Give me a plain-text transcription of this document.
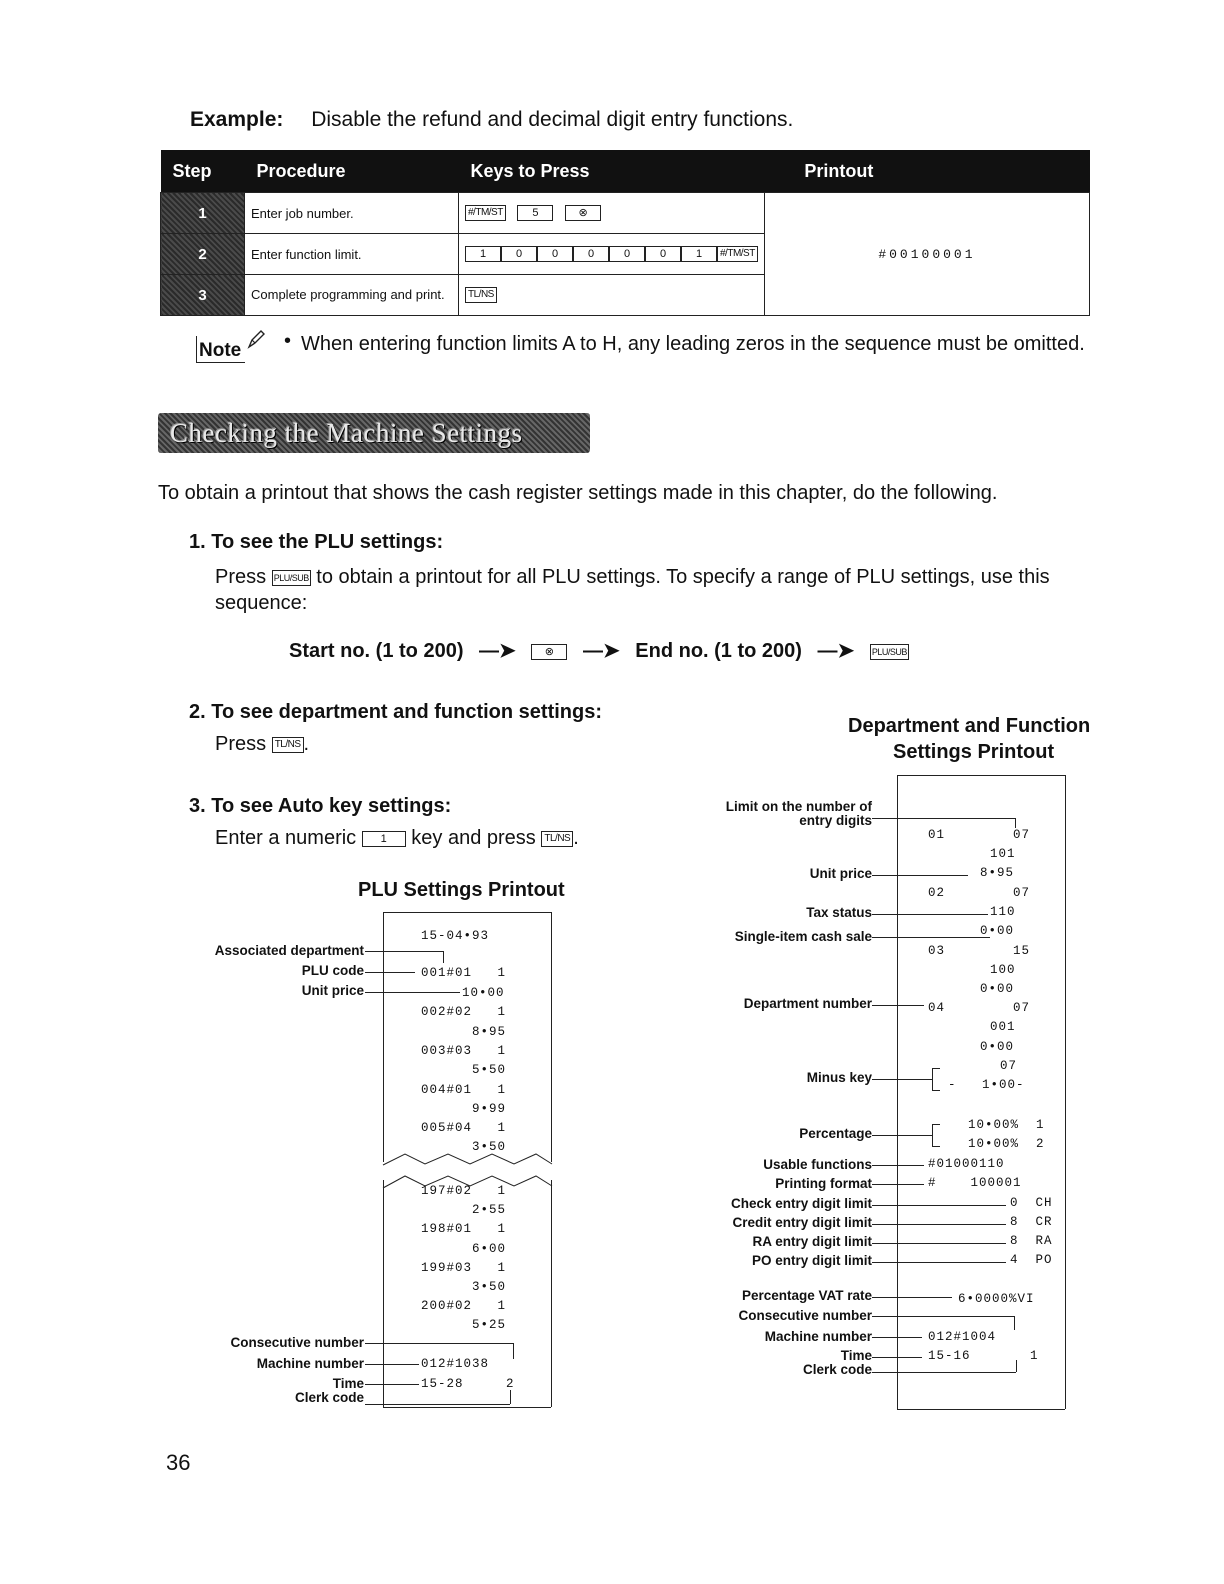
Example: Disable the refund and decimal digit entry functions.
Step	Procedure	Keys to Press	Printout
1	Enter job number.	#/TM/ST 5 ⊗	#00100001
2	Enter function limit.	1 0 0 0 0 0 1 #/TM/ST	
3	Complete programming and print.	TL/NS	
Note • When entering function limits A to H, any leading zeros in the sequence must be omitted.
Checking the Machine Settings
To obtain a printout that shows the cash register settings made in this chapter, do the following.
1. To see the PLU settings:
Press PLU/SUB to obtain a printout for all PLU settings. To specify a range of PLU settings, use this sequence:
Start no. (1 to 200) —➤	⊗ —➤ End no. (1 to 200) —➤ PLU/SUB
2. To see department and function settings:
Press TL/NS .
3. To see Auto key settings:
Enter a numeric 1 key and press TL/NS .
PLU Settings Printout
15-04•93
001#01   1
10•00
002#02   1
8•95
003#03   1
5•50
004#01   1
9•99
005#04   1
3•50
197#02   1
2•55
198#01   1
6•00
199#03   1
3•50
200#02   1
5•25
012#1038
15-28     2
Associated department
PLU code
Unit price
Consecutive number
Machine number
Time
Clerk code
Department and Function
Settings Printout
01        07
101
8•95
02        07
110
0•00
03        15
100
0•00
04        07
001
0•00
07
-   1•00-
10•00%  1
10•00%  2
#01000110
#    100001
0  CH
8  CR
8  RA
4  PO
6•0000%VI
012#1004
15-16       1
Limit on the number of entry digits
Unit price
Tax status
Single-item cash sale
Department number
Minus key
Percentage
Usable functions
Printing format
Check entry digit limit
Credit entry digit limit
RA entry digit limit
PO entry digit limit
Percentage VAT rate
Consecutive number
Machine number
Time
Clerk code
36
